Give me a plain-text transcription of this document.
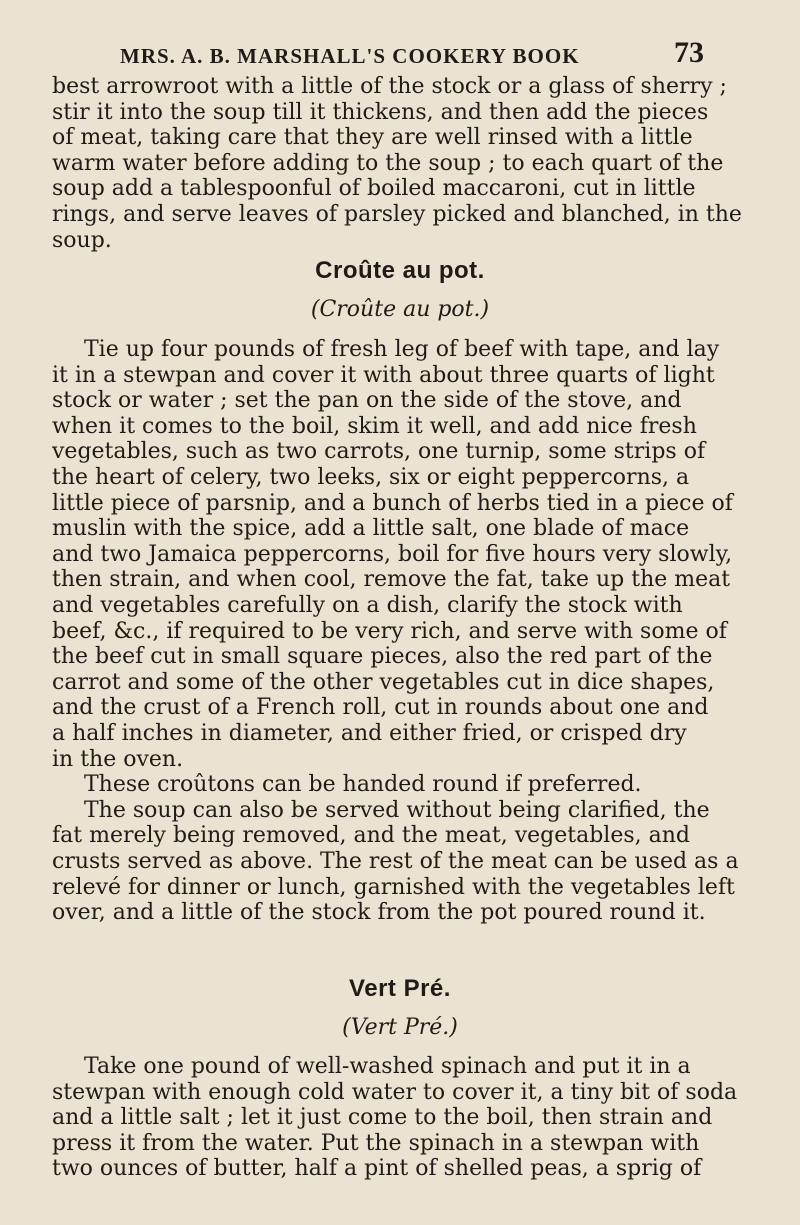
MRS. A. B. MARSHALL'S COOKERY BOOK	73
best arrowroot with a little of the stock or a glass of sherry ;
stir it into the soup till it thickens, and then add the pieces
of meat, taking care that they are well rinsed with a little
warm water before adding to the soup ; to each quart of the
soup add a tablespoonful of boiled maccaroni, cut in little
rings, and serve leaves of parsley picked and blanched, in the
soup.
Croûte au pot.
(Croûte au pot.)
Tie up four pounds of fresh leg of beef with tape, and lay
it in a stewpan and cover it with about three quarts of light
stock or water ; set the pan on the side of the stove, and
when it comes to the boil, skim it well, and add nice fresh
vegetables, such as two carrots, one turnip, some strips of
the heart of celery, two leeks, six or eight peppercorns, a
little piece of parsnip, and a bunch of herbs tied in a piece of
muslin with the spice, add a little salt, one blade of mace
and two Jamaica peppercorns, boil for five hours very slowly,
then strain, and when cool, remove the fat, take up the meat
and vegetables carefully on a dish, clarify the stock with
beef, &c., if required to be very rich, and serve with some of
the beef cut in small square pieces, also the red part of the
carrot and some of the other vegetables cut in dice shapes,
and the crust of a French roll, cut in rounds about one and
a half inches in diameter, and either fried, or crisped dry
in the oven.
These croûtons can be handed round if preferred.
The soup can also be served without being clarified, the
fat merely being removed, and the meat, vegetables, and
crusts served as above. The rest of the meat can be used as a
relevé for dinner or lunch, garnished with the vegetables left
over, and a little of the stock from the pot poured round it.
Vert Pré.
(Vert Pré.)
Take one pound of well-washed spinach and put it in a
stewpan with enough cold water to cover it, a tiny bit of soda
and a little salt ; let it just come to the boil, then strain and
press it from the water. Put the spinach in a stewpan with
two ounces of butter, half a pint of shelled peas, a sprig of
